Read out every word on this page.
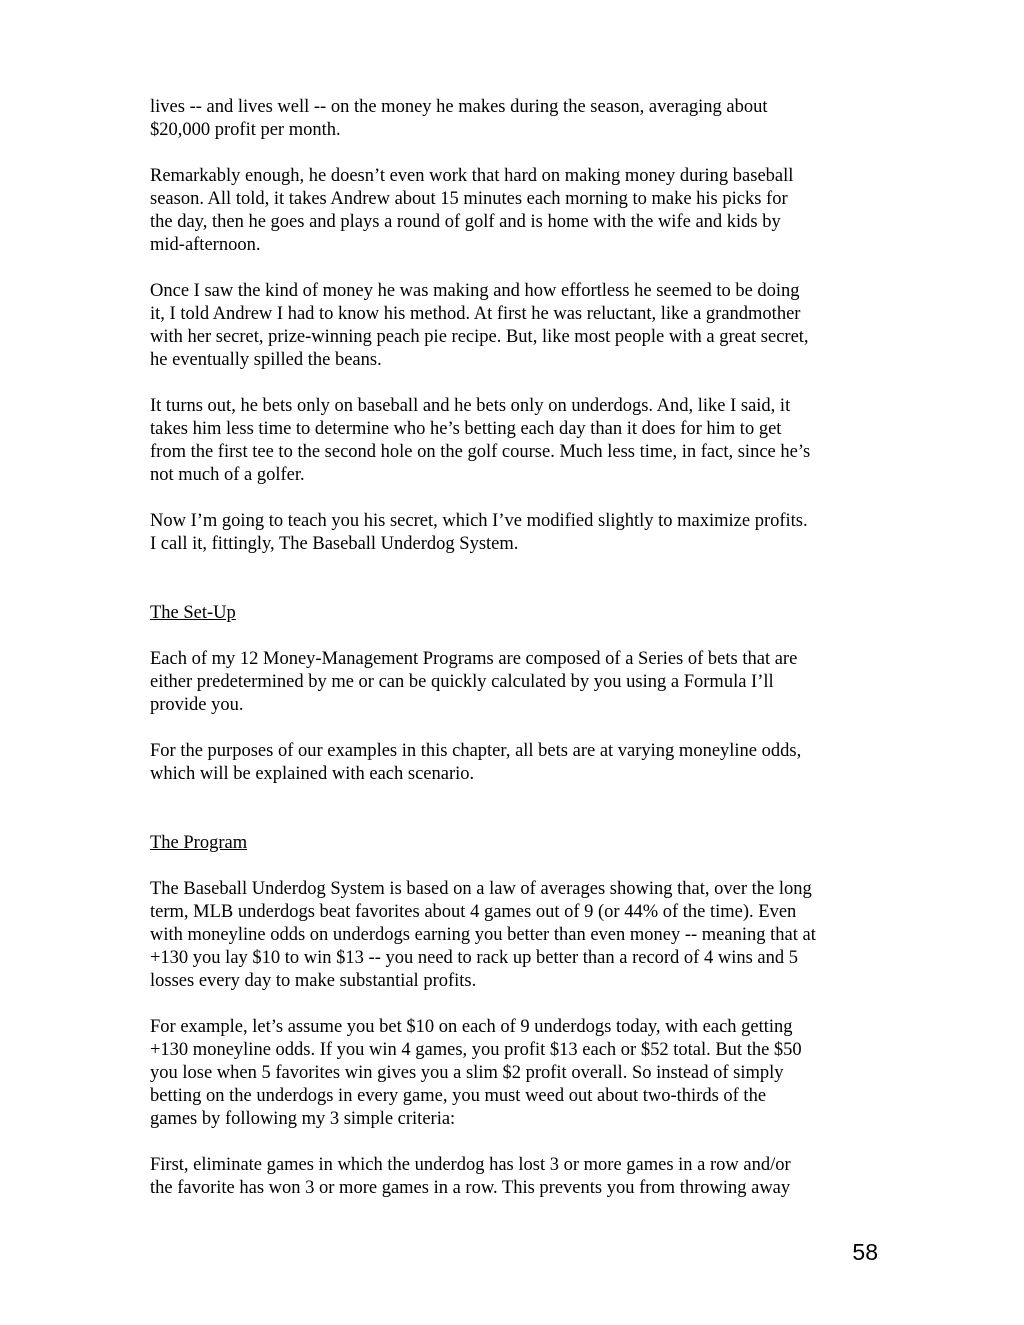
lives -- and lives well -- on the money he makes during the season, averaging about
$20,000 profit per month.

Remarkably enough, he doesn’t even work that hard on making money during baseball
season. All told, it takes Andrew about 15 minutes each morning to make his picks for
the day, then he goes and plays a round of golf and is home with the wife and kids by
mid-afternoon.

Once I saw the kind of money he was making and how effortless he seemed to be doing
it, I told Andrew I had to know his method. At first he was reluctant, like a grandmother
with her secret, prize-winning peach pie recipe. But, like most people with a great secret,
he eventually spilled the beans.

It turns out, he bets only on baseball and he bets only on underdogs. And, like I said, it
takes him less time to determine who he’s betting each day than it does for him to get
from the first tee to the second hole on the golf course. Much less time, in fact, since he’s
not much of a golfer.

Now I’m going to teach you his secret, which I’ve modified slightly to maximize profits.
I call it, fittingly, The Baseball Underdog System.

The Set-Up

Each of my 12 Money-Management Programs are composed of a Series of bets that are
either predetermined by me or can be quickly calculated by you using a Formula I’ll
provide you.

For the purposes of our examples in this chapter, all bets are at varying moneyline odds,
which will be explained with each scenario.

The Program

The Baseball Underdog System is based on a law of averages showing that, over the long
term, MLB underdogs beat favorites about 4 games out of 9 (or 44% of the time). Even
with moneyline odds on underdogs earning you better than even money -- meaning that at
+130 you lay $10 to win $13 -- you need to rack up better than a record of 4 wins and 5
losses every day to make substantial profits.

For example, let’s assume you bet $10 on each of 9 underdogs today, with each getting
+130 moneyline odds. If you win 4 games, you profit $13 each or $52 total. But the $50
you lose when 5 favorites win gives you a slim $2 profit overall. So instead of simply
betting on the underdogs in every game, you must weed out about two-thirds of the
games by following my 3 simple criteria:

First, eliminate games in which the underdog has lost 3 or more games in a row and/or
the favorite has won 3 or more games in a row. This prevents you from throwing away

58
